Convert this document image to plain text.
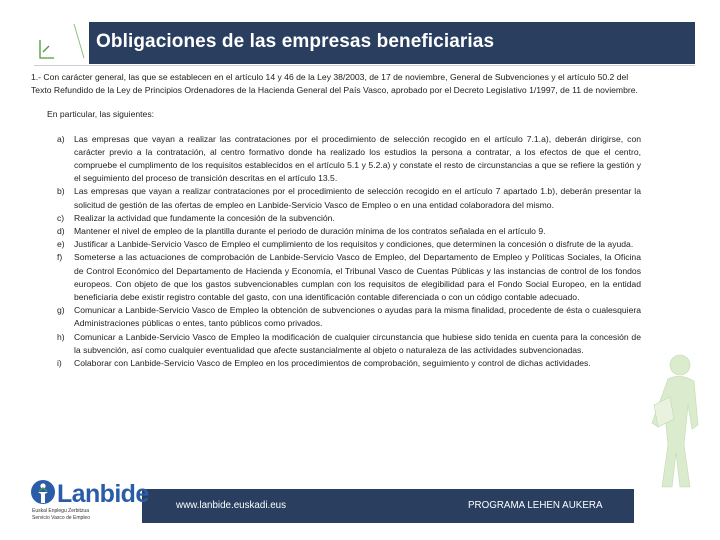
Obligaciones de las empresas beneficiarias

1.- Con carácter general, las que se establecen en el artículo 14 y 46 de la Ley 38/2003, de 17 de noviembre, General de Subvenciones y el artículo 50.2 del Texto Refundido de la Ley de Principios Ordenadores de la Hacienda General del País Vasco, aprobado por el Decreto Legislativo 1/1997, de 11 de noviembre.

En particular, las siguientes:

a) Las empresas que vayan a realizar las contrataciones por el procedimiento de selección recogido en el artículo 7.1.a), deberán dirigirse, con carácter previo a la contratación, al centro formativo donde ha realizado los estudios la persona a contratar, a los efectos de que el centro, compruebe el cumplimento de los requisitos establecidos en el artículo 5.1 y 5.2.a) y constate el resto de circunstancias a que se refiere la gestión y el seguimiento del proceso de transición descritas en el artículo 13.5.
b) Las empresas que vayan a realizar contrataciones por el procedimiento de selección recogido en el artículo 7 apartado 1.b), deberán presentar la solicitud de gestión de las ofertas de empleo en Lanbide-Servicio Vasco de Empleo o en una entidad colaboradora del mismo.
c) Realizar la actividad que fundamente la concesión de la subvención.
d) Mantener el nivel de empleo de la plantilla durante el periodo de duración mínima de los contratos señalada en el artículo 9.
e) Justificar a Lanbide-Servicio Vasco de Empleo el cumplimiento de los requisitos y condiciones, que determinen la concesión o disfrute de la ayuda.
f) Someterse a las actuaciones de comprobación de Lanbide-Servicio Vasco de Empleo, del Departamento de Empleo y Políticas Sociales, la Oficina de Control Económico del Departamento de Hacienda y Economía, el Tribunal Vasco de Cuentas Públicas y las instancias de control de los fondos europeos. Con objeto de que los gastos subvencionables cumplan con los requisitos de elegibilidad para el Fondo Social Europeo, en la entidad beneficiaria debe existir registro contable del gasto, con una identificación contable diferenciada o con un código contable adecuado.
g) Comunicar a Lanbide-Servicio Vasco de Empleo la obtención de subvenciones o ayudas para la misma finalidad, procedente de ésta o cualesquiera Administraciones públicas o entes, tanto públicos como privados.
h) Comunicar a Lanbide-Servicio Vasco de Empleo la modificación de cualquier circunstancia que hubiese sido tenida en cuenta para la concesión de la subvención, así como cualquier eventualidad que afecte sustancialmente al objeto o naturaleza de las actividades subvencionadas.
i) Colaborar con Lanbide-Servicio Vasco de Empleo en los procedimientos de comprobación, seguimiento y control de dichas actividades.
www.lanbide.euskadi.eus	PROGRAMA LEHEN AUKERA
Lanbide
Euskal Enplegu Zerbitzua
Servicio Vasco de Empleo
